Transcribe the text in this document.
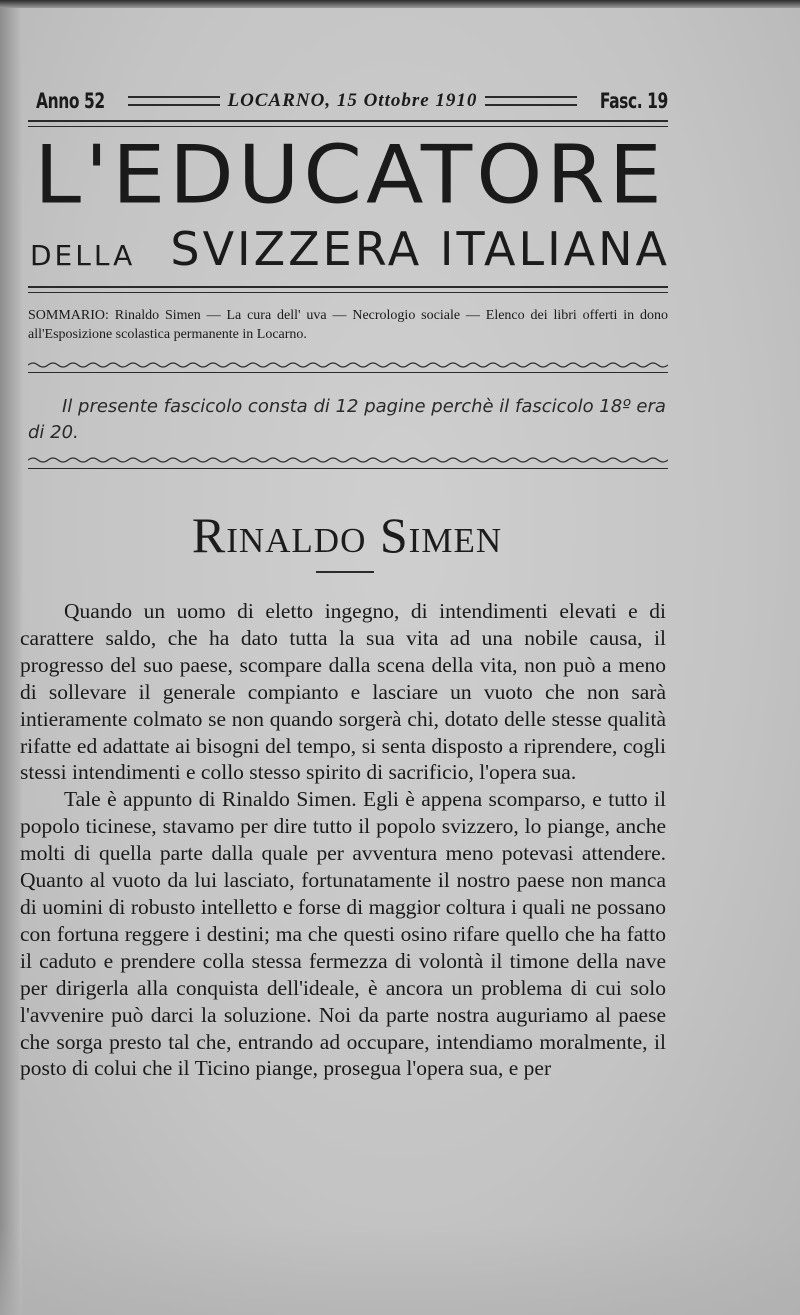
Anno 52	LOCARNO, 15 Ottobre 1910	Fasc. 19
L'EDUCATORE
DELLA SVIZZERA ITALIANA
SOMMARIO: Rinaldo Simen — La cura dell' uva — Necrologio sociale — Elenco dei libri offerti in dono all'Esposizione scolastica permanente in Locarno.
Il presente fascicolo consta di 12 pagine perchè il fascicolo 18º era di 20.
Rinaldo Simen

Quando un uomo di eletto ingegno, di intendimenti elevati e di carattere saldo, che ha dato tutta la sua vita ad una nobile causa, il progresso del suo paese, scompare dalla scena della vita, non può a meno di sollevare il generale compianto e lasciare un vuoto che non sarà intieramente colmato se non quando sorgerà chi, dotato delle stesse qualità rifatte ed adattate ai bisogni del tempo, si senta disposto a riprendere, cogli stessi intendimenti e collo stesso spirito di sacrificio, l'opera sua.

Tale è appunto di Rinaldo Simen. Egli è appena scomparso, e tutto il popolo ticinese, stavamo per dire tutto il popolo svizzero, lo piange, anche molti di quella parte dalla quale per avventura meno potevasi attendere. Quanto al vuoto da lui lasciato, fortunatamente il nostro paese non manca di uomini di robusto intelletto e forse di maggior coltura i quali ne possano con fortuna reggere i destini; ma che questi osino rifare quello che ha fatto il caduto e prendere colla stessa fermezza di volontà il timone della nave per dirigerla alla conquista dell'ideale, è ancora un problema di cui solo l'avvenire può darci la soluzione. Noi da parte nostra auguriamo al paese che sorga presto tal che, entrando ad occupare, intendiamo moralmente, il posto di colui che il Ticino piange, prosegua l'opera sua, e per
